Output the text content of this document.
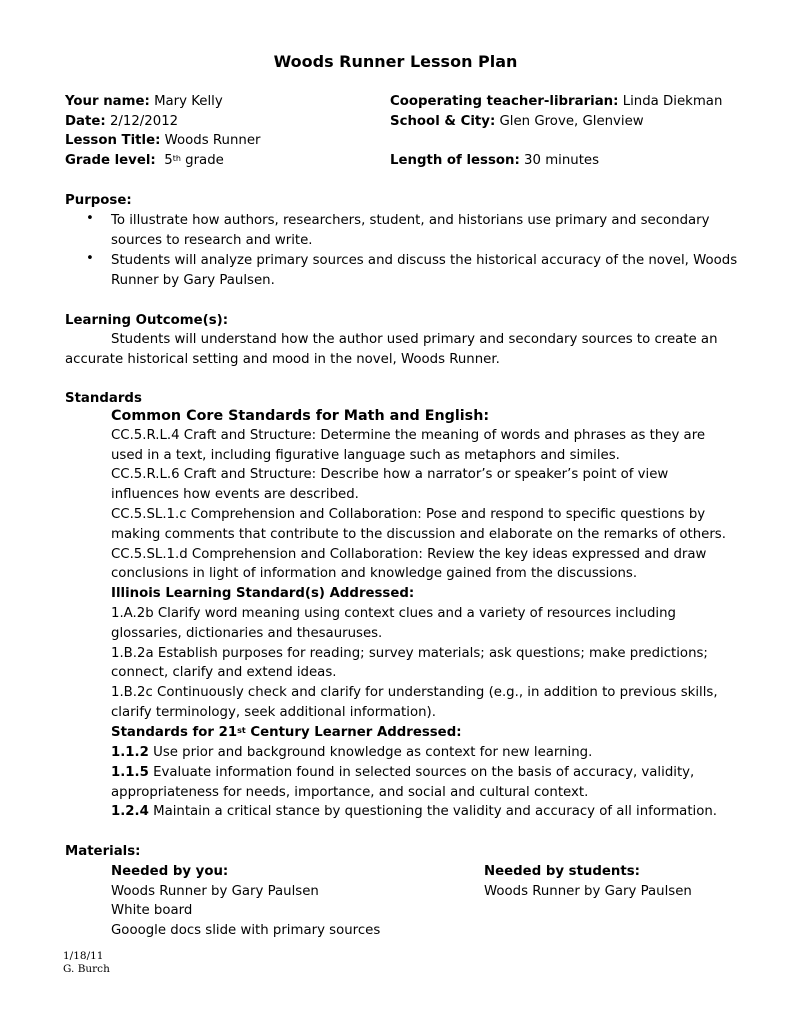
Woods Runner Lesson Plan
Your name: Mary Kelly	Cooperating teacher-librarian: Linda Diekman
Date: 2/12/2012	School & City: Glen Grove, Glenview
Lesson Title: Woods Runner
Grade level: 5th grade	Length of lesson: 30 minutes
Purpose:
• To illustrate how authors, researchers, student, and historians use primary and secondary
sources to research and write.
• Students will analyze primary sources and discuss the historical accuracy of the novel, Woods
Runner by Gary Paulsen.
Learning Outcome(s):
Students will understand how the author used primary and secondary sources to create an
accurate historical setting and mood in the novel, Woods Runner.
Standards
Common Core Standards for Math and English:
CC.5.R.L.4 Craft and Structure: Determine the meaning of words and phrases as they are
used in a text, including figurative language such as metaphors and similes.
CC.5.R.L.6 Craft and Structure: Describe how a narrator’s or speaker’s point of view
influences how events are described.
CC.5.SL.1.c Comprehension and Collaboration: Pose and respond to specific questions by
making comments that contribute to the discussion and elaborate on the remarks of others.
CC.5.SL.1.d Comprehension and Collaboration: Review the key ideas expressed and draw
conclusions in light of information and knowledge gained from the discussions.
Illinois Learning Standard(s) Addressed:
1.A.2b Clarify word meaning using context clues and a variety of resources including
glossaries, dictionaries and thesauruses.
1.B.2a Establish purposes for reading; survey materials; ask questions; make predictions;
connect, clarify and extend ideas.
1.B.2c Continuously check and clarify for understanding (e.g., in addition to previous skills,
clarify terminology, seek additional information).
Standards for 21st Century Learner Addressed:
1.1.2 Use prior and background knowledge as context for new learning.
1.1.5 Evaluate information found in selected sources on the basis of accuracy, validity,
appropriateness for needs, importance, and social and cultural context.
1.2.4 Maintain a critical stance by questioning the validity and accuracy of all information.
Materials:
Needed by you:	Needed by students:
Woods Runner by Gary Paulsen	Woods Runner by Gary Paulsen
White board
Gooogle docs slide with primary sources
1/18/11
G. Burch
